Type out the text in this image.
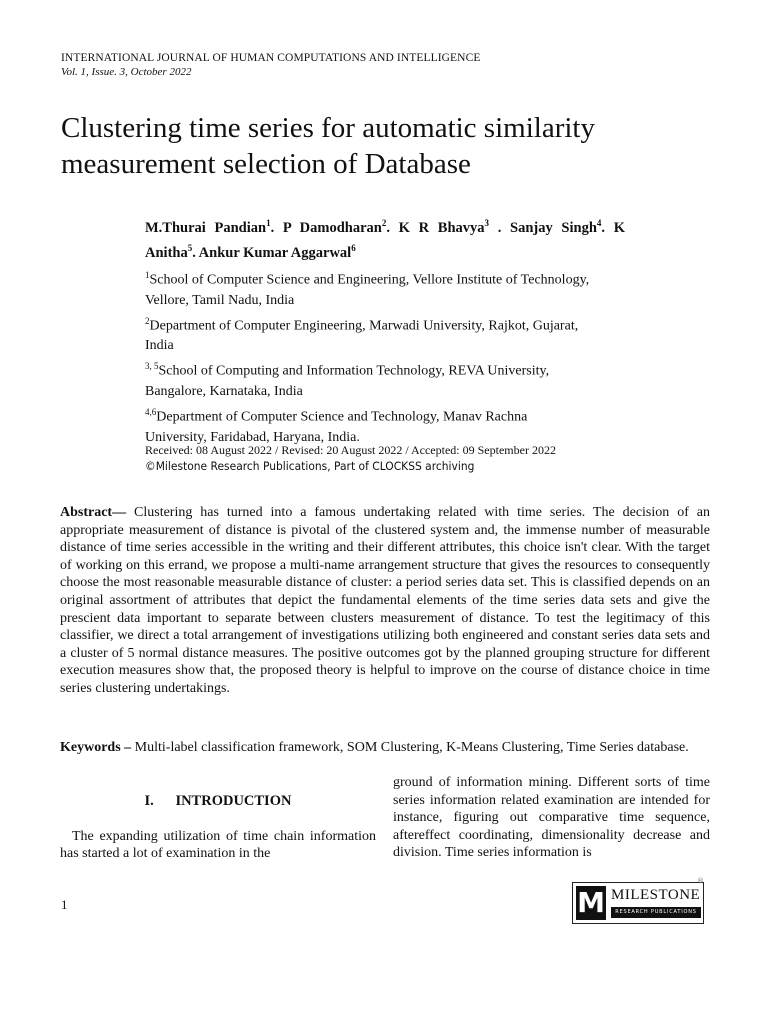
INTERNATIONAL JOURNAL OF HUMAN COMPUTATIONS AND INTELLIGENCE
Vol. 1, Issue. 3, October 2022
Clustering time series for automatic similarity
measurement selection of Database
M.Thurai Pandian$^1$. P Damodharan$^2$. K R Bhavya$^3$ . Sanjay Singh$^4$. K Anitha$^5$. Ankur Kumar Aggarwal$^6$
$^1$School of Computer Science and Engineering, Vellore Institute of Technology, Vellore, Tamil Nadu, India
$^2$Department of Computer Engineering, Marwadi University, Rajkot, Gujarat, India
$^{3, 5}$School of Computing and Information Technology, REVA University, Bangalore, Karnataka, India
$^{4,6}$Department of Computer Science and Technology, Manav Rachna University, Faridabad, Haryana, India.
Received: 08 August 2022 / Revised: 20 August 2022 / Accepted: 09 September 2022
©Milestone Research Publications, Part of CLOCKSS archiving
Abstract— Clustering has turned into a famous undertaking related with time series. The decision of an appropriate measurement of distance is pivotal of the clustered system and, the immense number of measurable distance of time series accessible in the writing and their different attributes, this choice isn't clear. With the target of working on this errand, we propose a multi-name arrangement structure that gives the resources to consequently choose the most reasonable measurable distance of cluster: a period series data set. This is classified depends on an original assortment of attributes that depict the fundamental elements of the time series data sets and give the prescient data important to separate between clusters measurement of distance. To test the legitimacy of this classifier, we direct a total arrangement of investigations utilizing both engineered and constant series data sets and a cluster of 5 normal distance measures. The positive outcomes got by the planned grouping structure for different execution measures show that, the proposed theory is helpful to improve on the course of distance choice in time series clustering undertakings.
Keywords – Multi-label classification framework, SOM Clustering, K-Means Clustering, Time Series database.
I. INTRODUCTION
The expanding utilization of time chain information has started a lot of examination in the
ground of information mining. Different sorts of time series information related examination are intended for instance, figuring out comparative time sequence, aftereffect coordinating, dimensionality decrease and division. Time series information is
1	M MILESTONE
RESEARCH PUBLICATIONS
®
